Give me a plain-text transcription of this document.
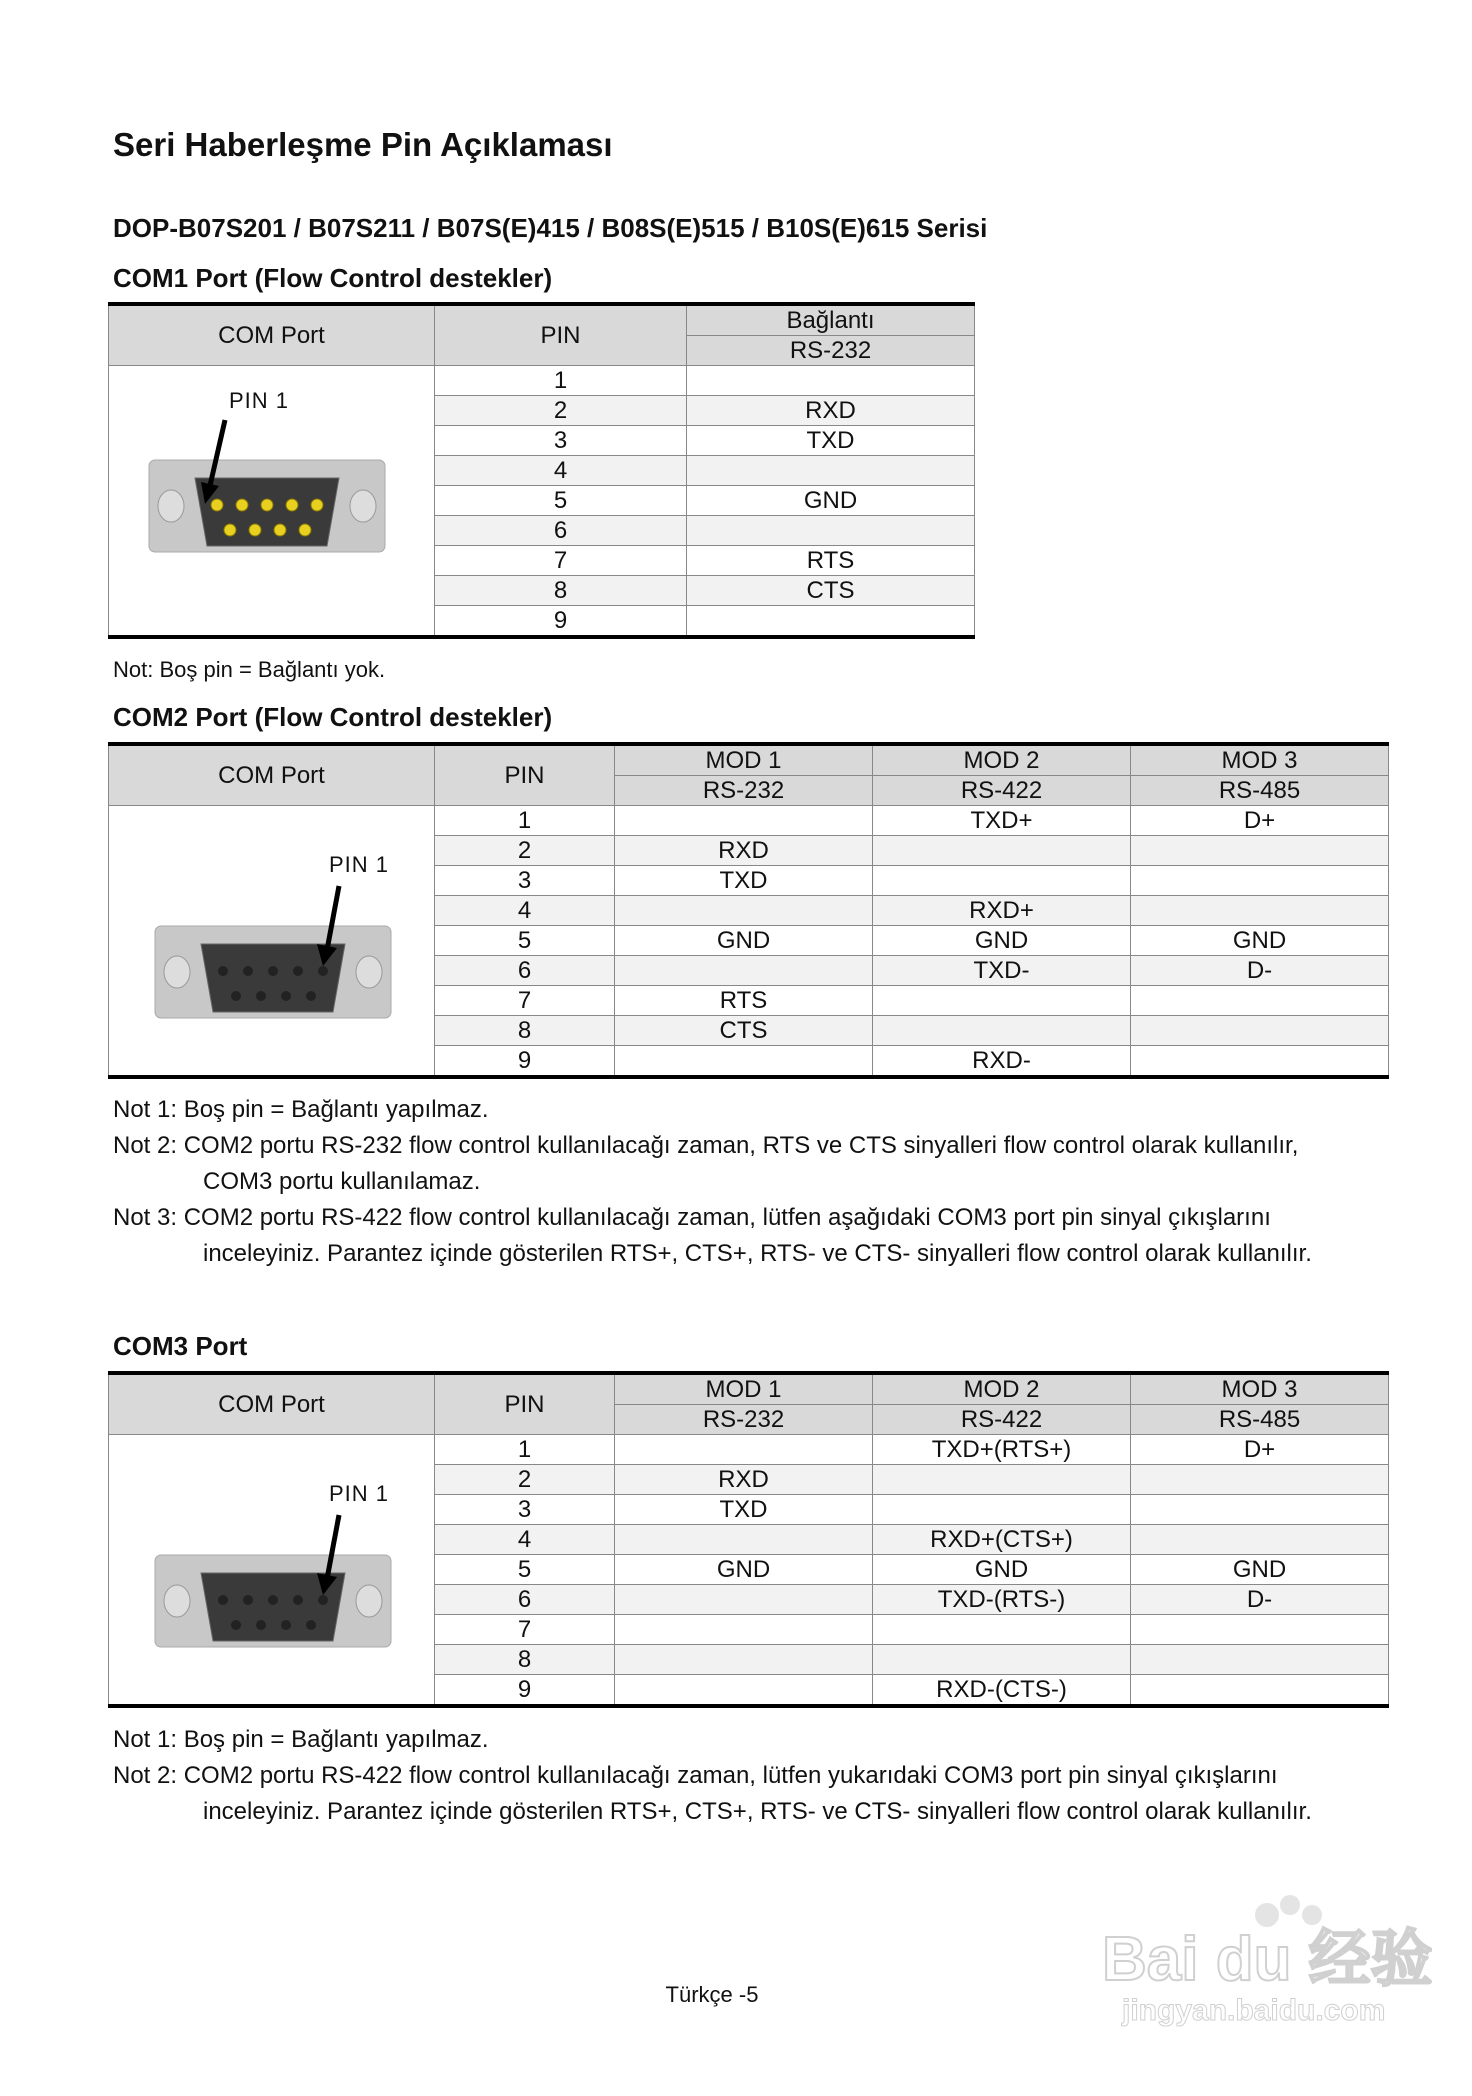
Seri Haberleşme Pin Açıklaması
DOP-B07S201 / B07S211 / B07S(E)415 / B08S(E)515 / B10S(E)615 Serisi
COM1 Port (Flow Control destekler)
COM Port	PIN	Bağlantı
		RS-232

PIN 1	1	
	2	RXD
	3	TXD
	4	
	5	GND
	6	
	7	RTS
	8	CTS
	9	
Not: Boş pin = Bağlantı yok.
COM2 Port (Flow Control destekler)
COM Port	PIN	MOD 1	MOD 2	MOD 3
		RS-232	RS-422	RS-485

PIN 1	1		TXD+	D+
	2	RXD		
	3	TXD		
	4		RXD+	
	5	GND	GND	GND
	6		TXD-	D-
	7	RTS		
	8	CTS		
	9		RXD-	
Not 1: Boş pin = Bağlantı yapılmaz.
Not 2: COM2 portu RS-232 flow control kullanılacağı zaman, RTS ve CTS sinyalleri flow control olarak kullanılır,
COM3 portu kullanılamaz.
Not 3: COM2 portu RS-422 flow control kullanılacağı zaman, lütfen aşağıdaki COM3 port pin sinyal çıkışlarını
inceleyiniz. Parantez içinde gösterilen RTS+, CTS+, RTS- ve CTS- sinyalleri flow control olarak kullanılır.
COM3 Port
COM Port	PIN	MOD 1	MOD 2	MOD 3
		RS-232	RS-422	RS-485

PIN 1	1		TXD+(RTS+)	D+
	2	RXD		
	3	TXD		
	4		RXD+(CTS+)	
	5	GND	GND	GND
	6		TXD-(RTS-)	D-
	7			
	8			
	9		RXD-(CTS-)	
Not 1: Boş pin = Bağlantı yapılmaz.
Not 2: COM2 portu RS-422 flow control kullanılacağı zaman, lütfen yukarıdaki COM3 port pin sinyal çıkışlarını
inceleyiniz. Parantez içinde gösterilen RTS+, CTS+, RTS- ve CTS- sinyalleri flow control olarak kullanılır.
Türkçe -5
Bai du 经验
jingyan.baidu.com
